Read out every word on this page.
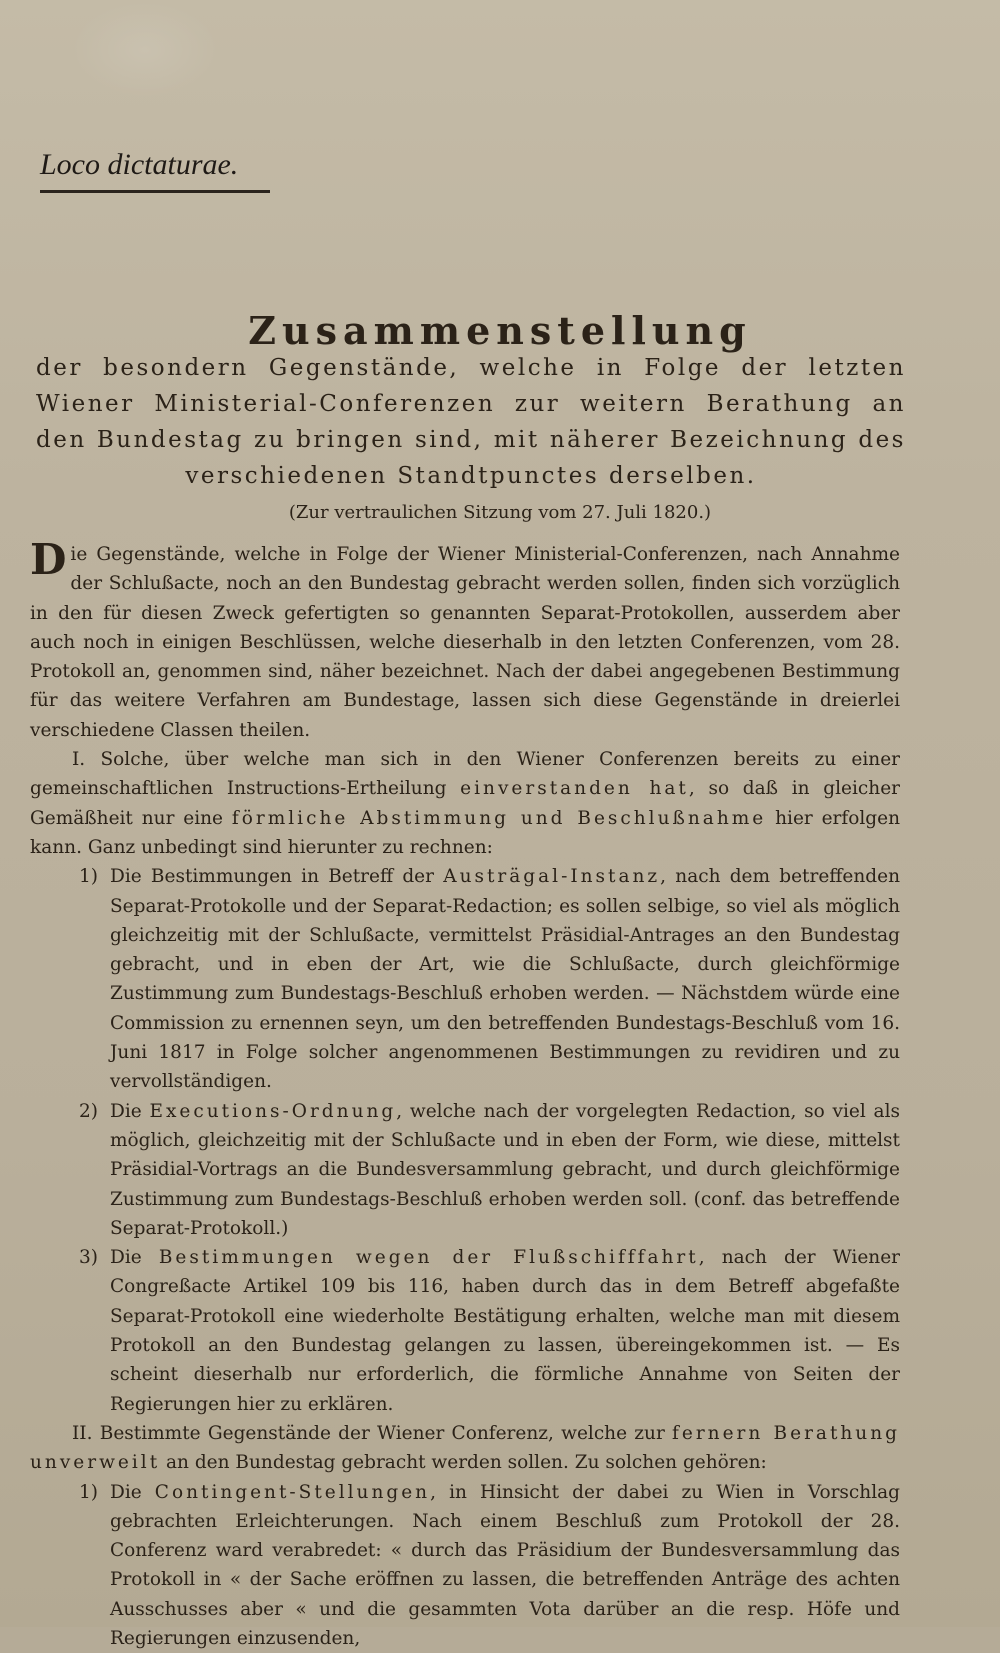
Loco dictaturae.
Zusammenstellung
der besondern Gegenstände, welche in Folge der letzten Wiener Ministerial-Conferenzen zur weitern Berathung an den Bundestag zu bringen sind, mit näherer Bezeichnung des verschiedenen Standtpunctes derselben.
(Zur vertraulichen Sitzung vom 27. Juli 1820.)

Die Gegenstände, welche in Folge der Wiener Ministerial-Conferenzen, nach Annahme der Schlußacte, noch an den Bundestag gebracht werden sollen, finden sich vorzüglich in den für diesen Zweck gefertigten so genannten Separat-Protokollen, ausserdem aber auch noch in einigen Beschlüssen, welche dieserhalb in den letzten Conferenzen, vom 28. Protokoll an, genommen sind, näher bezeichnet. Nach der dabei angegebenen Bestimmung für das weitere Verfahren am Bundestage, lassen sich diese Gegenstände in dreierlei verschiedene Classen theilen.

I. Solche, über welche man sich in den Wiener Conferenzen bereits zu einer gemeinschaftlichen Instructions-Ertheilung einverstanden hat, so daß in gleicher Gemäßheit nur eine förmliche Abstimmung und Beschlußnahme hier erfolgen kann. Ganz unbedingt sind hierunter zu rechnen:

1) Die Bestimmungen in Betreff der Austrägal-Instanz, nach dem betreffenden Separat-Protokolle und der Separat-Redaction; es sollen selbige, so viel als möglich gleichzeitig mit der Schlußacte, vermittelst Präsidial-Antrages an den Bundestag gebracht, und in eben der Art, wie die Schlußacte, durch gleichförmige Zustimmung zum Bundestags-Beschluß erhoben werden. — Nächstdem würde eine Commission zu ernennen seyn, um den betreffenden Bundestags-Beschluß vom 16. Juni 1817 in Folge solcher angenommenen Bestimmungen zu revidiren und zu vervollständigen.
2) Die Executions-Ordnung, welche nach der vorgelegten Redaction, so viel als möglich, gleichzeitig mit der Schlußacte und in eben der Form, wie diese, mittelst Präsidial-Vortrags an die Bundesversammlung gebracht, und durch gleichförmige Zustimmung zum Bundestags-Beschluß erhoben werden soll. (conf. das betreffende Separat-Protokoll.)
3) Die Bestimmungen wegen der Flußschifffahrt, nach der Wiener Congreßacte Artikel 109 bis 116, haben durch das in dem Betreff abgefaßte Separat-Protokoll eine wiederholte Bestätigung erhalten, welche man mit diesem Protokoll an den Bundestag gelangen zu lassen, übereingekommen ist. — Es scheint dieserhalb nur erforderlich, die förmliche Annahme von Seiten der Regierungen hier zu erklären.

II. Bestimmte Gegenstände der Wiener Conferenz, welche zur fernern Berathung unverweilt an den Bundestag gebracht werden sollen. Zu solchen gehören:

1) Die Contingent-Stellungen, in Hinsicht der dabei zu Wien in Vorschlag gebrachten Erleichterungen. Nach einem Beschluß zum Protokoll der 28. Conferenz ward verabredet: « durch das Präsidium der Bundesversammlung das Protokoll in « der Sache eröffnen zu lassen, die betreffenden Anträge des achten Ausschusses aber « und die gesammten Vota darüber an die resp. Höfe und Regierungen einzusenden,
